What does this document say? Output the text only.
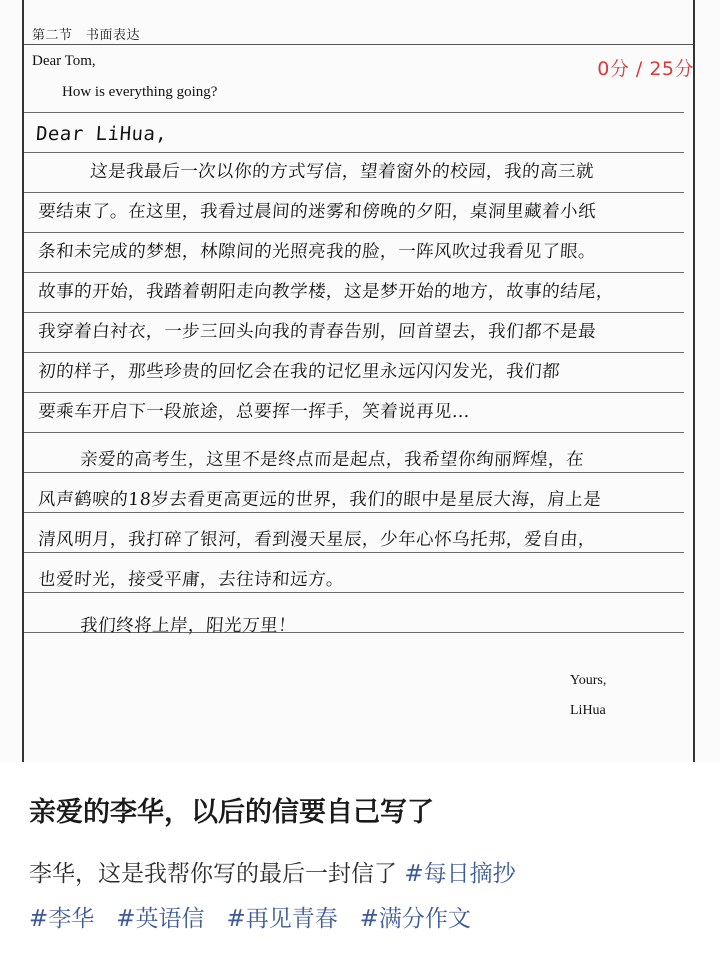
第二节　书面表达
Dear Tom,
How is everything going?
0分 / 25分
Dear LiHua,
这是我最后一次以你的方式写信，望着窗外的校园，我的高三就
要结束了。在这里，我看过晨间的迷雾和傍晚的夕阳，桌洞里藏着小纸
条和未完成的梦想，林隙间的光照亮我的脸，一阵风吹过我看见了眼。
故事的开始，我踏着朝阳走向教学楼，这是梦开始的地方，故事的结尾，
我穿着白衬衣，一步三回头向我的青春告别，回首望去，我们都不是最
初的样子，那些珍贵的回忆会在我的记忆里永远闪闪发光，我们都
要乘车开启下一段旅途，总要挥一挥手，笑着说再见…
亲爱的高考生，这里不是终点而是起点，我希望你绚丽辉煌，在
风声鹤唳的18岁去看更高更远的世界，我们的眼中是星辰大海，肩上是
清风明月，我打碎了银河，看到漫天星辰，少年心怀乌托邦，爱自由，
也爱时光，接受平庸，去往诗和远方。
我们终将上岸，阳光万里！
Yours,
LiHua
亲爱的李华，以后的信要自己写了
李华，这是我帮你写的最后一封信了 #每日摘抄
#李华 #英语信 #再见青春 #满分作文
